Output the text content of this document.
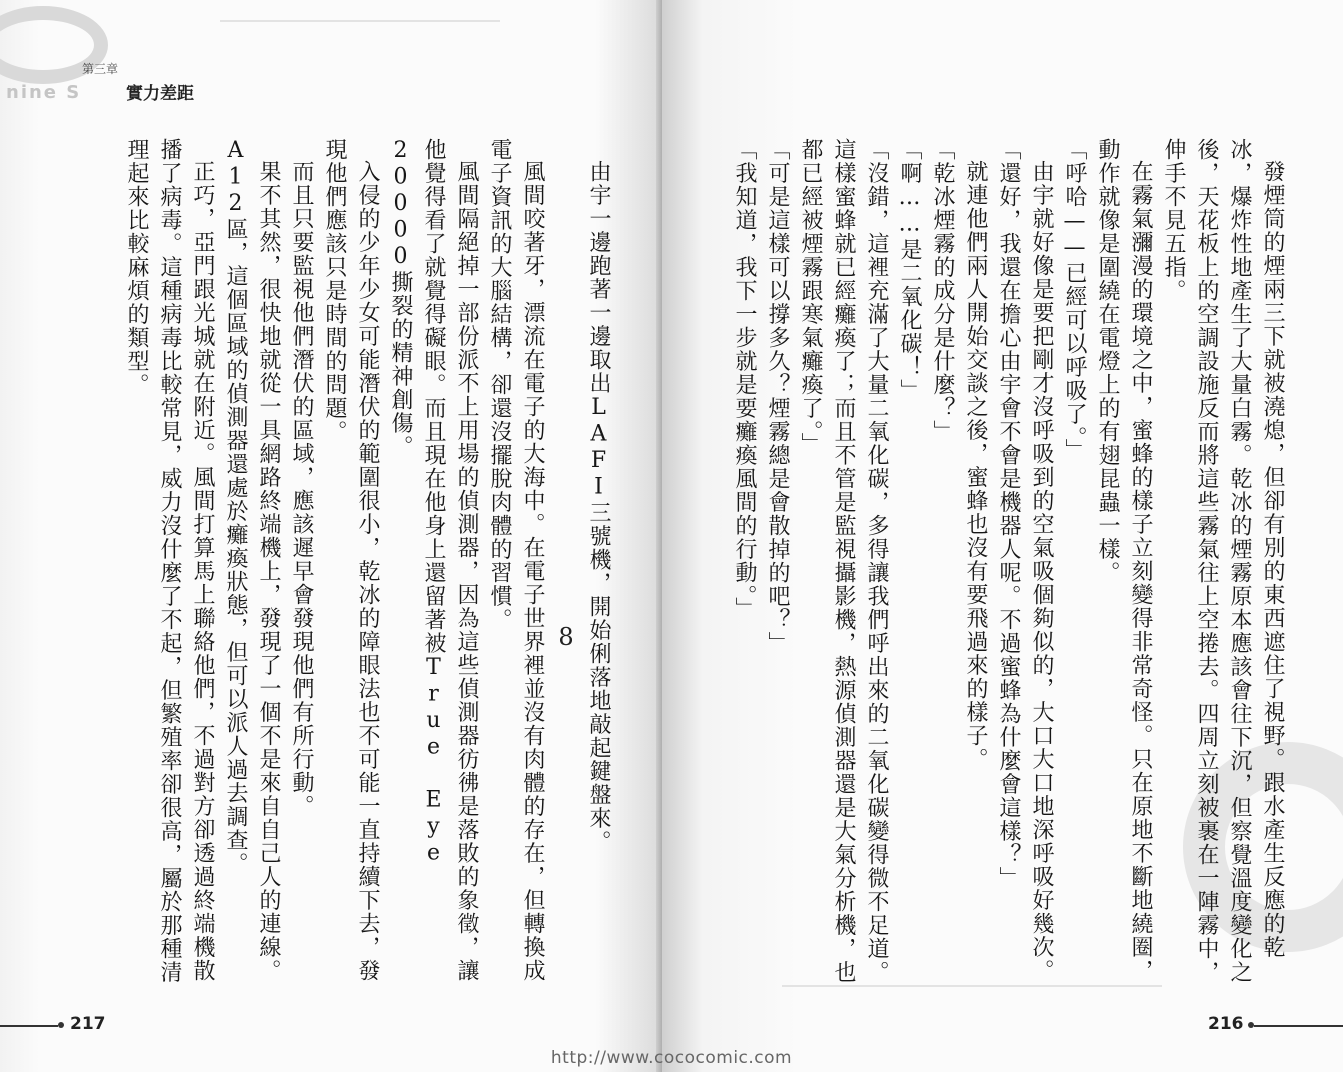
nine S
第三章
實力差距
由宇一邊跑著一邊取出LAFI三號機，開始俐落地敲起鍵盤來。
8
風間咬著牙，漂流在電子的大海中。在電子世界裡並沒有肉體的存在，但轉換成電子資訊的大腦結構，卻還沒擺脫肉體的習慣。
風間隔絕掉一部份派不上用場的偵測器，因為這些偵測器彷彿是落敗的象徵，讓他覺得看了就覺得礙眼。而且現在他身上還留著被True Eye 20000撕裂的精神創傷。
入侵的少年少女可能潛伏的範圍很小，乾冰的障眼法也不可能一直持續下去，發現他們應該只是時間的問題。
而且只要監視他們潛伏的區域，應該遲早會發現他們有所行動。
果不其然，很快地就從一具網路終端機上，發現了一個不是來自自己人的連線。A12區，這個區域的偵測器還處於癱瘓狀態，但可以派人過去調查。
正巧，亞門跟光城就在附近。風間打算馬上聯絡他們，不過對方卻透過終端機散播了病毒。這種病毒比較常見，威力沒什麼了不起，但繁殖率卻很高，屬於那種清理起來比較麻煩的類型。
217
發煙筒的煙兩三下就被澆熄，但卻有別的東西遮住了視野。跟水產生反應的乾冰，爆炸性地產生了大量白霧。乾冰的煙霧原本應該會往下沉，但察覺溫度變化之後，天花板上的空調設施反而將這些霧氣往上空捲去。四周立刻被裹在一陣霧中，伸手不見五指。
在霧氣瀰漫的環境之中，蜜蜂的樣子立刻變得非常奇怪。只在原地不斷地繞圈，動作就像是圍繞在電燈上的有翅昆蟲一樣。
「呼哈——已經可以呼吸了。」
由宇就好像是要把剛才沒呼吸到的空氣吸個夠似的，大口大口地深呼吸好幾次。
「還好，我還在擔心由宇會不會是機器人呢。不過蜜蜂為什麼會這樣？」
就連他們兩人開始交談之後，蜜蜂也沒有要飛過來的樣子。
「乾冰煙霧的成分是什麼？」
「啊……是二氧化碳！」
「沒錯，這裡充滿了大量二氧化碳，多得讓我們呼出來的二氧化碳變得微不足道。這樣蜜蜂就已經癱瘓了；而且不管是監視攝影機，熱源偵測器還是大氣分析機，也都已經被煙霧跟寒氣癱瘓了。」
「可是這樣可以撐多久？煙霧總是會散掉的吧？」
「我知道，我下一步就是要癱瘓風間的行動。」
216
http://www.cococomic.com
